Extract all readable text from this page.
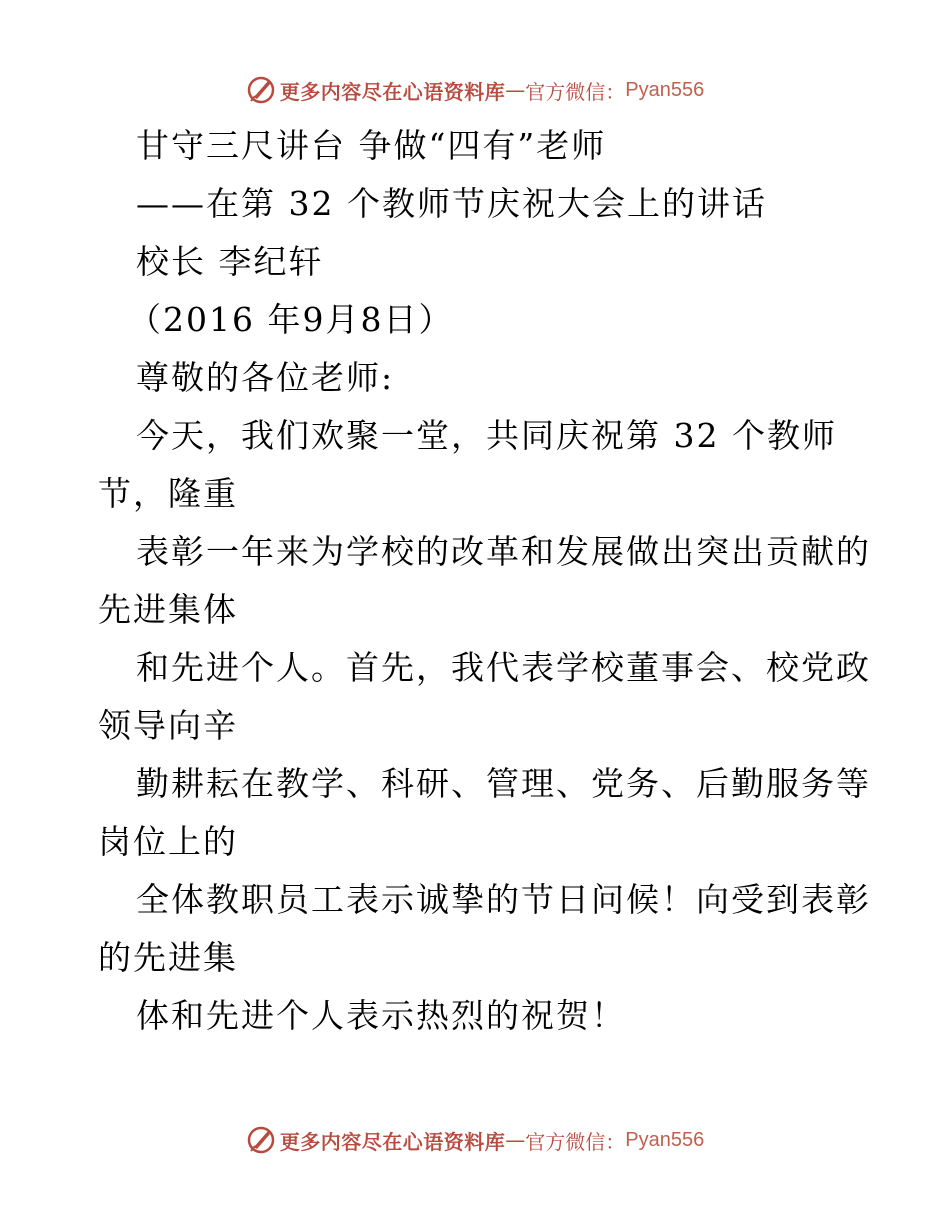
更多内容尽在心语资料库 — 官方微信： Pyan556
甘守三尺讲台 争做“四有”老师
——在第 32 个教师节庆祝大会上的讲话
校长 李纪轩
（2016 年9月8日）
尊敬的各位老师:
今天，我们欢聚一堂，共同庆祝第 32 个教师
节，隆重
表彰一年来为学校的改革和发展做出突出贡献的
先进集体
和先进个人。首先，我代表学校董事会、校党政
领导向辛
勤耕耘在教学、科研、管理、党务、后勤服务等
岗位上的
全体教职员工表示诚挚的节日问候！向受到表彰
的先进集
体和先进个人表示热烈的祝贺！
更多内容尽在心语资料库 — 官方微信： Pyan556
